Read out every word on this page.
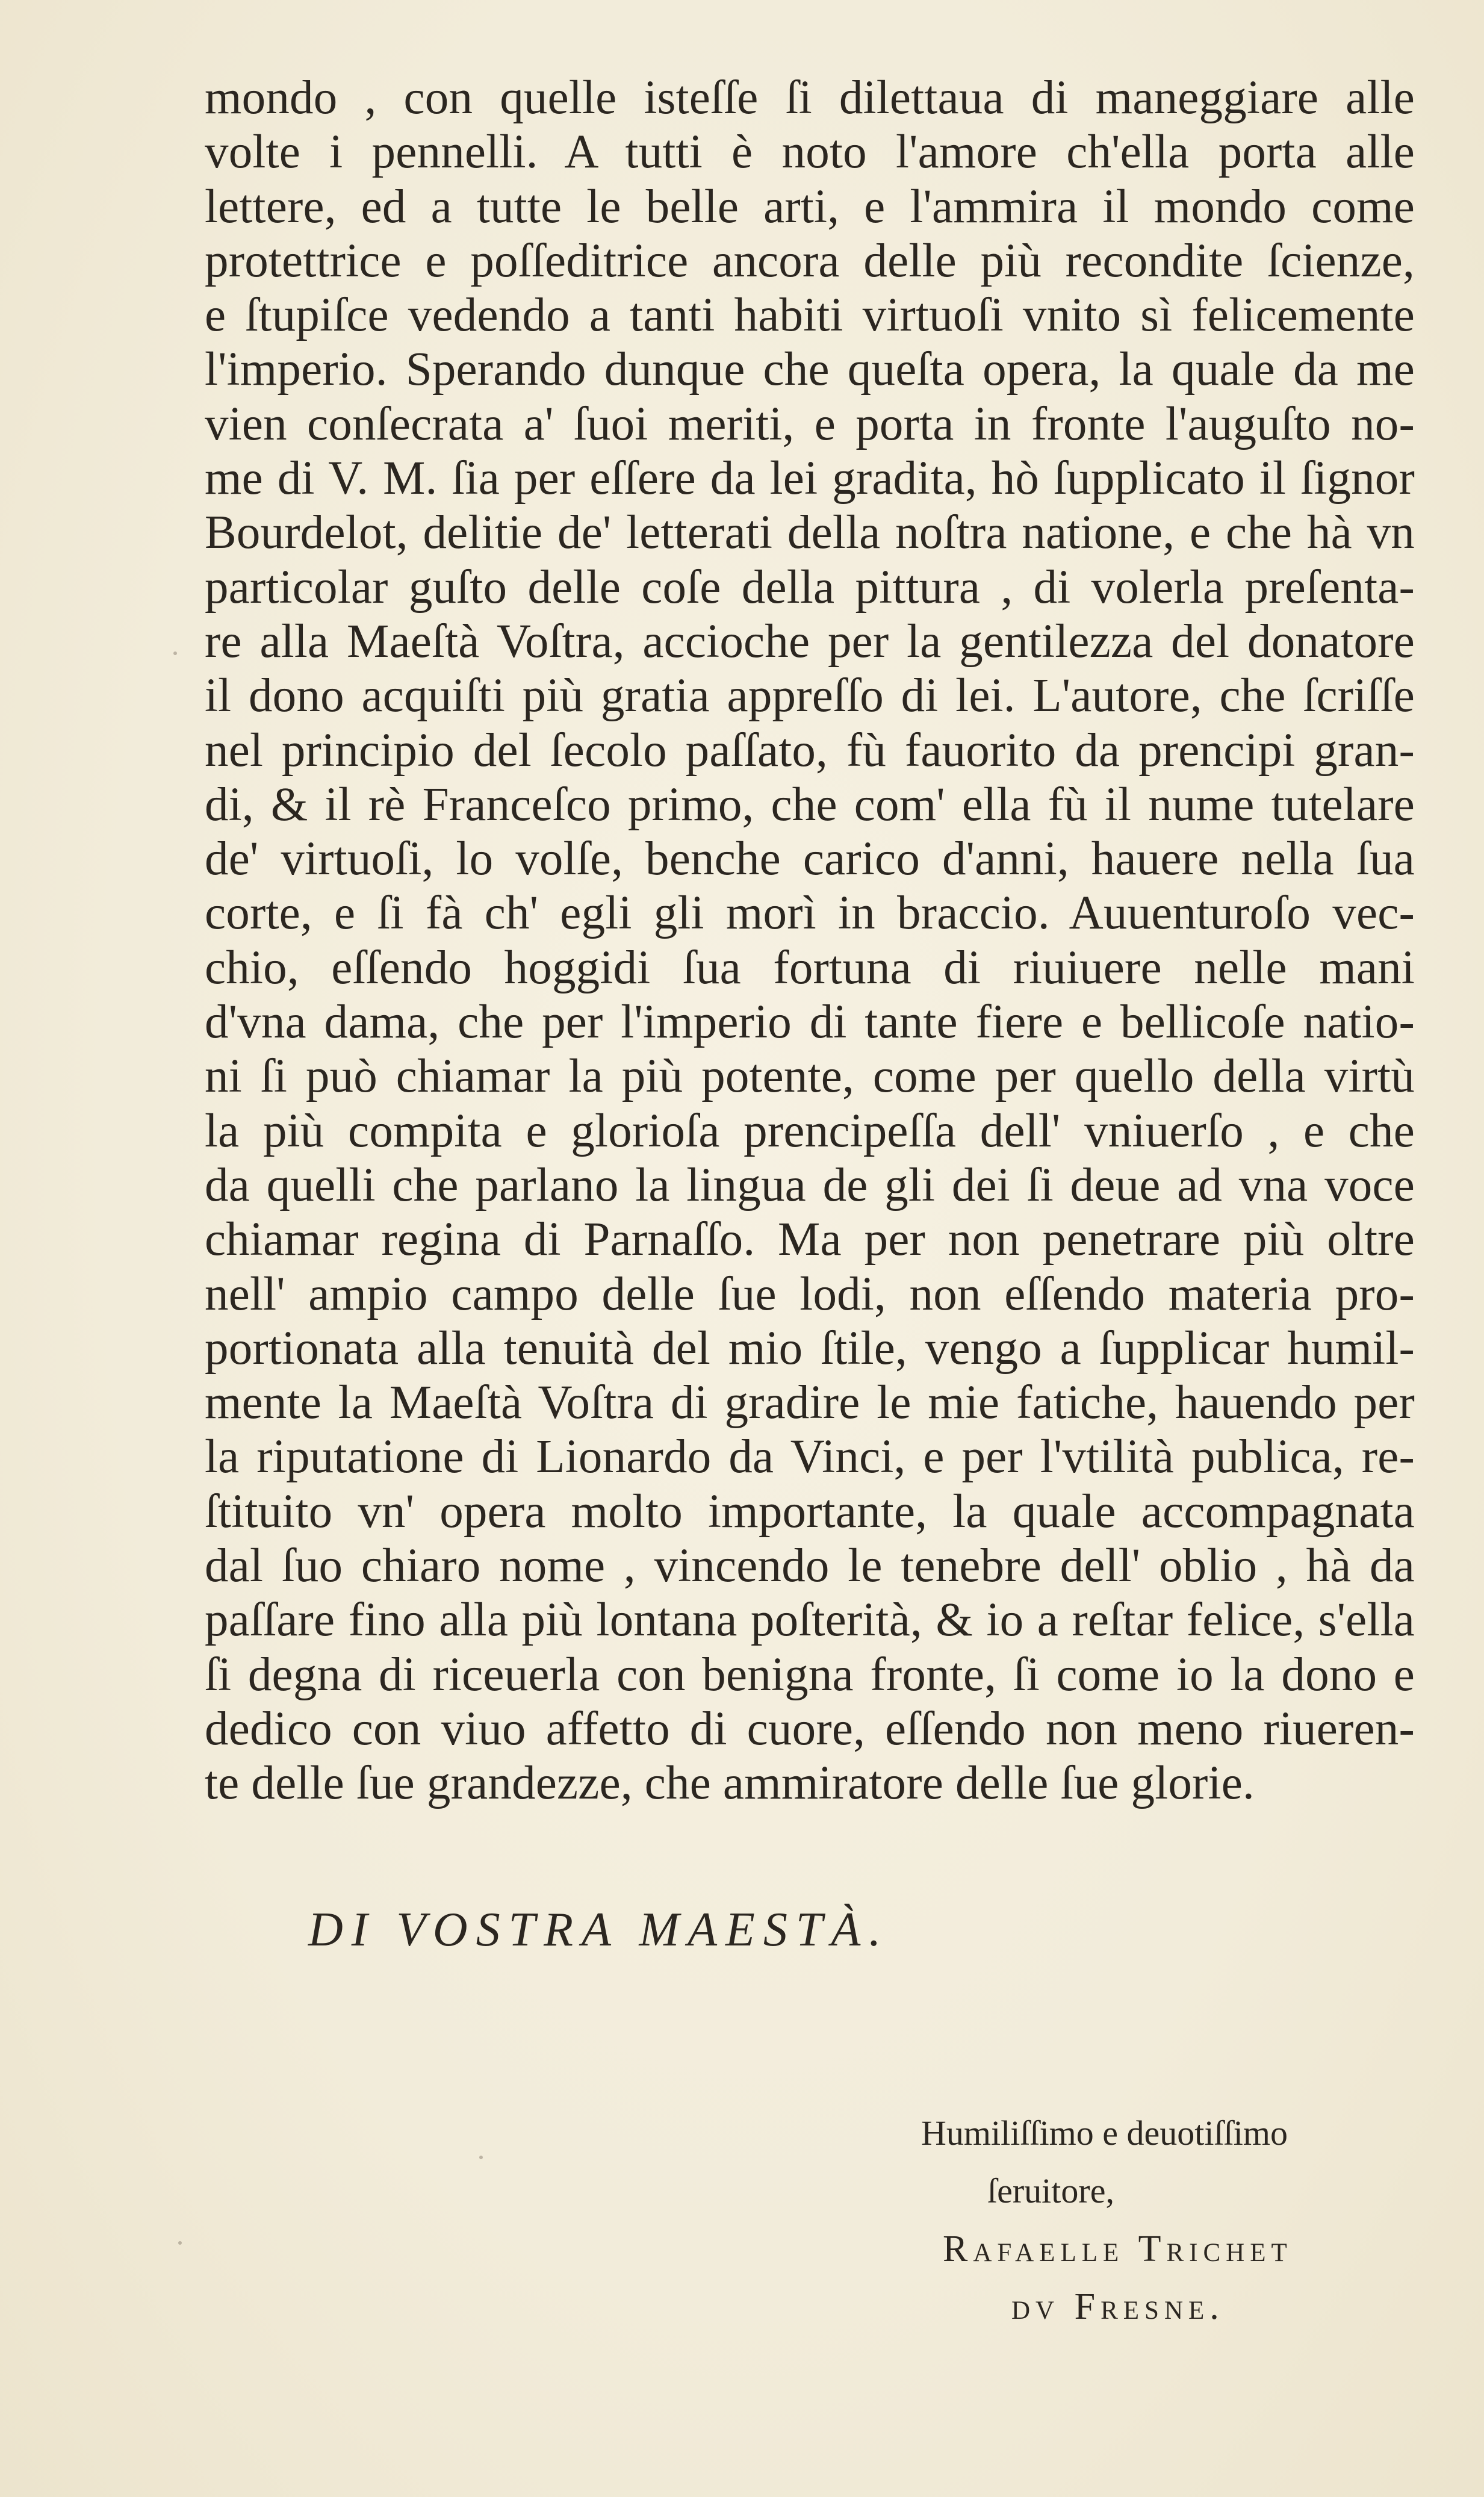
mondo , con quelle isteſſe ſi dilettaua di maneggiare alle
volte i pennelli. A tutti è noto l'amore ch'ella porta alle
lettere, ed a tutte le belle arti, e l'ammira il mondo come
protettrice e poſſeditrice ancora delle più recondite ſcienze,
e ſtupiſce vedendo a tanti habiti virtuoſi vnito sì felicemente
l'imperio. Sperando dunque che queſta opera, la quale da me
vien conſecrata a' ſuoi meriti, e porta in fronte l'auguſto no-
me di V. M. ſia per eſſere da lei gradita, hò ſupplicato il ſignor
Bourdelot, delitie de' letterati della noſtra natione, e che hà vn
particolar guſto delle coſe della pittura , di volerla preſenta-
re alla Maeſtà Voſtra, accioche per la gentilezza del donatore
il dono acquiſti più gratia appreſſo di lei. L'autore, che ſcriſſe
nel principio del ſecolo paſſato, fù fauorito da prencipi gran-
di, & il rè Franceſco primo, che com' ella fù il nume tutelare
de' virtuoſi, lo volſe, benche carico d'anni, hauere nella ſua
corte, e ſi fà ch' egli gli morì in braccio. Auuenturoſo vec-
chio, eſſendo hoggidi ſua fortuna di riuiuere nelle mani
d'vna dama, che per l'imperio di tante fiere e bellicoſe natio-
ni ſi può chiamar la più potente, come per quello della virtù
la più compita e glorioſa prencipeſſa dell' vniuerſo , e che
da quelli che parlano la lingua de gli dei ſi deue ad vna voce
chiamar regina di Parnaſſo. Ma per non penetrare più oltre
nell' ampio campo delle ſue lodi, non eſſendo materia pro-
portionata alla tenuità del mio ſtile, vengo a ſupplicar humil-
mente la Maeſtà Voſtra di gradire le mie fatiche, hauendo per
la riputatione di Lionardo da Vinci, e per l'vtilità publica, re-
ſtituito vn' opera molto importante, la quale accompagnata
dal ſuo chiaro nome , vincendo le tenebre dell' oblio , hà da
paſſare fino alla più lontana poſterità, & io a reſtar felice, s'ella
ſi degna di riceuerla con benigna fronte, ſi come io la dono e
dedico con viuo affetto di cuore, eſſendo non meno riueren-
te delle ſue grandezze, che ammiratore delle ſue glorie.
DI VOSTRA MAESTÀ.
Humiliſſimo e deuotiſſimo
ſeruitore,
Rafaelle Trichet
dv Fresne.
